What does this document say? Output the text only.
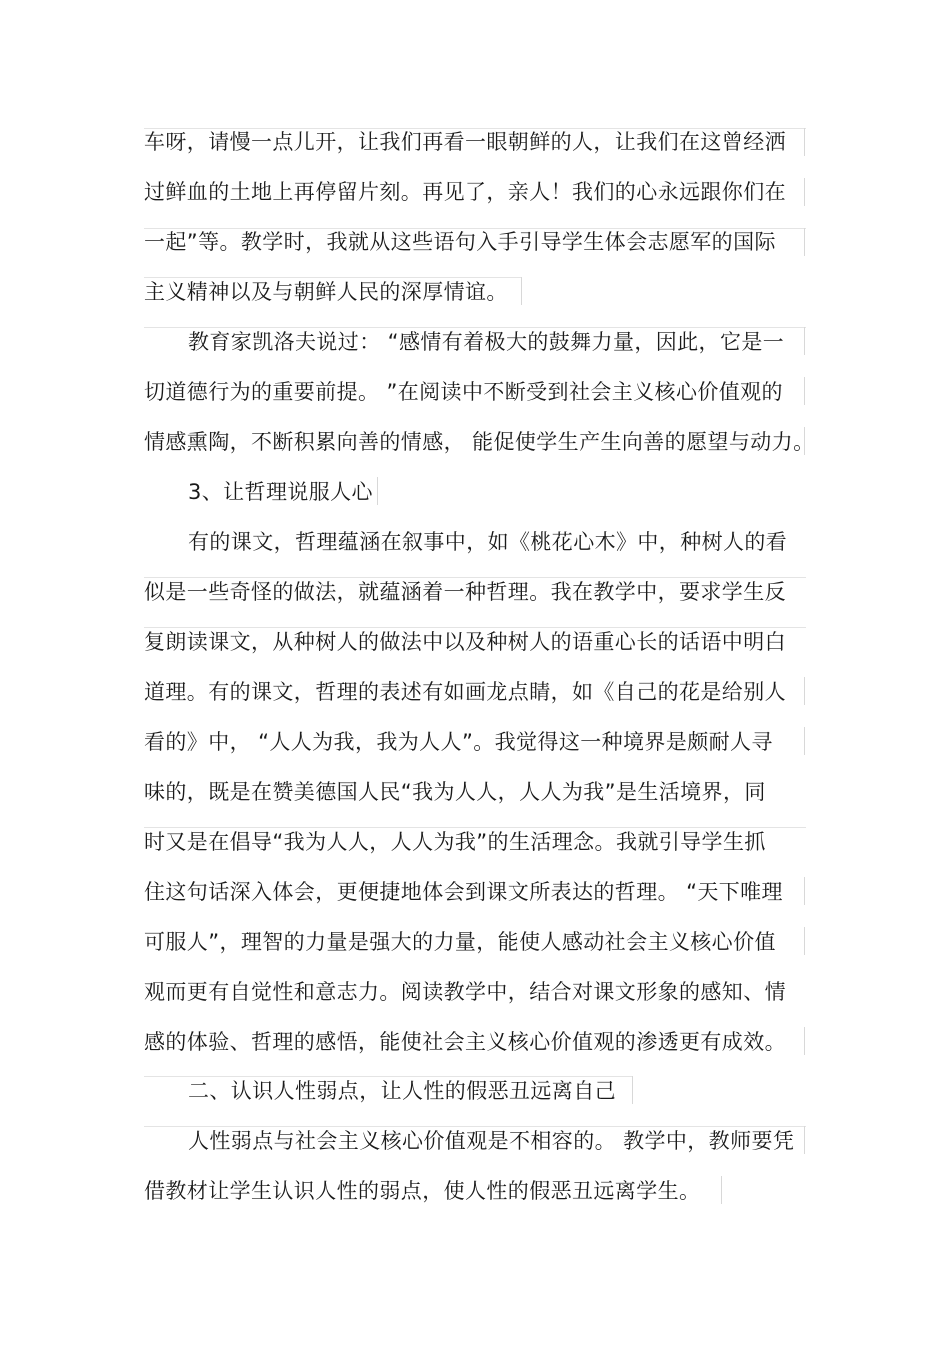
车呀，请慢一点儿开，让我们再看一眼朝鲜的人，让我们在这曾经洒
过鲜血的土地上再停留片刻。再见了，亲人！我们的心永远跟你们在
一起”等。教学时，我就从这些语句入手引导学生体会志愿军的国际
主义精神以及与朝鲜人民的深厚情谊。
教育家凯洛夫说过： “感情有着极大的鼓舞力量，因此，它是一
切道德行为的重要前提。 ”在阅读中不断受到社会主义核心价值观的
情感熏陶，不断积累向善的情感， 能促使学生产生向善的愿望与动力。
3、让哲理说服人心
有的课文，哲理蕴涵在叙事中，如《桃花心木》中，种树人的看
似是一些奇怪的做法，就蕴涵着一种哲理。我在教学中，要求学生反
复朗读课文，从种树人的做法中以及种树人的语重心长的话语中明白
道理。有的课文，哲理的表述有如画龙点睛，如《自己的花是给别人
看的》中， “人人为我，我为人人”。我觉得这一种境界是颇耐人寻
味的，既是在赞美德国人民“我为人人，人人为我”是生活境界，同
时又是在倡导“我为人人，人人为我”的生活理念。我就引导学生抓
住这句话深入体会，更便捷地体会到课文所表达的哲理。 “天下唯理
可服人”，理智的力量是强大的力量，能使人感动社会主义核心价值
观而更有自觉性和意志力。阅读教学中，结合对课文形象的感知、情
感的体验、哲理的感悟，能使社会主义核心价值观的渗透更有成效。
二、认识人性弱点，让人性的假恶丑远离自己
人性弱点与社会主义核心价值观是不相容的。 教学中，教师要凭
借教材让学生认识人性的弱点，使人性的假恶丑远离学生。
